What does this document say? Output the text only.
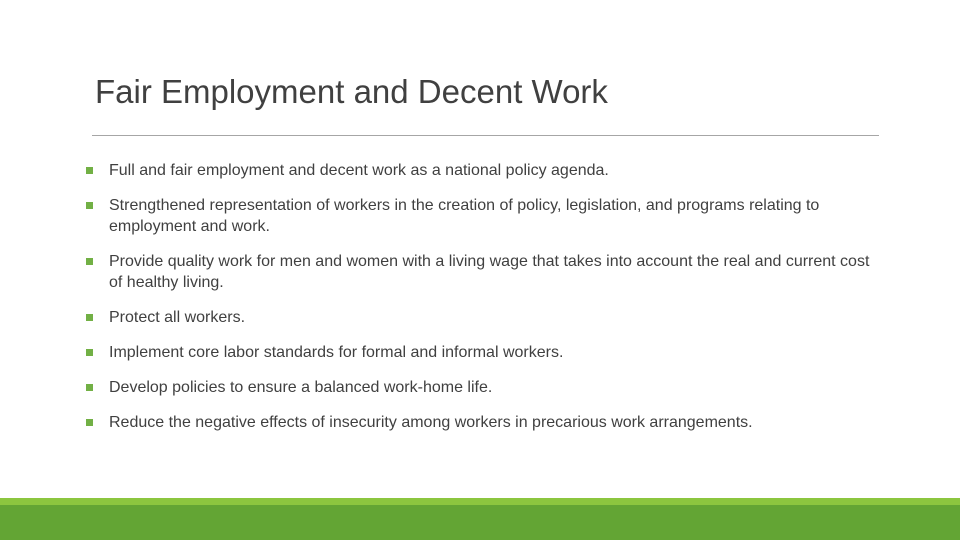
Fair Employment and Decent Work
Full and fair employment and decent work as a national policy agenda.
Strengthened representation of workers in the creation of policy, legislation, and programs relating to employment and work.
Provide quality work for men and women with a living wage that takes into account the real and current cost of healthy living.
Protect all workers.
Implement core labor standards for formal and informal workers.
Develop policies to ensure a balanced work-home life.
Reduce the negative effects of insecurity among workers in precarious work arrangements.
